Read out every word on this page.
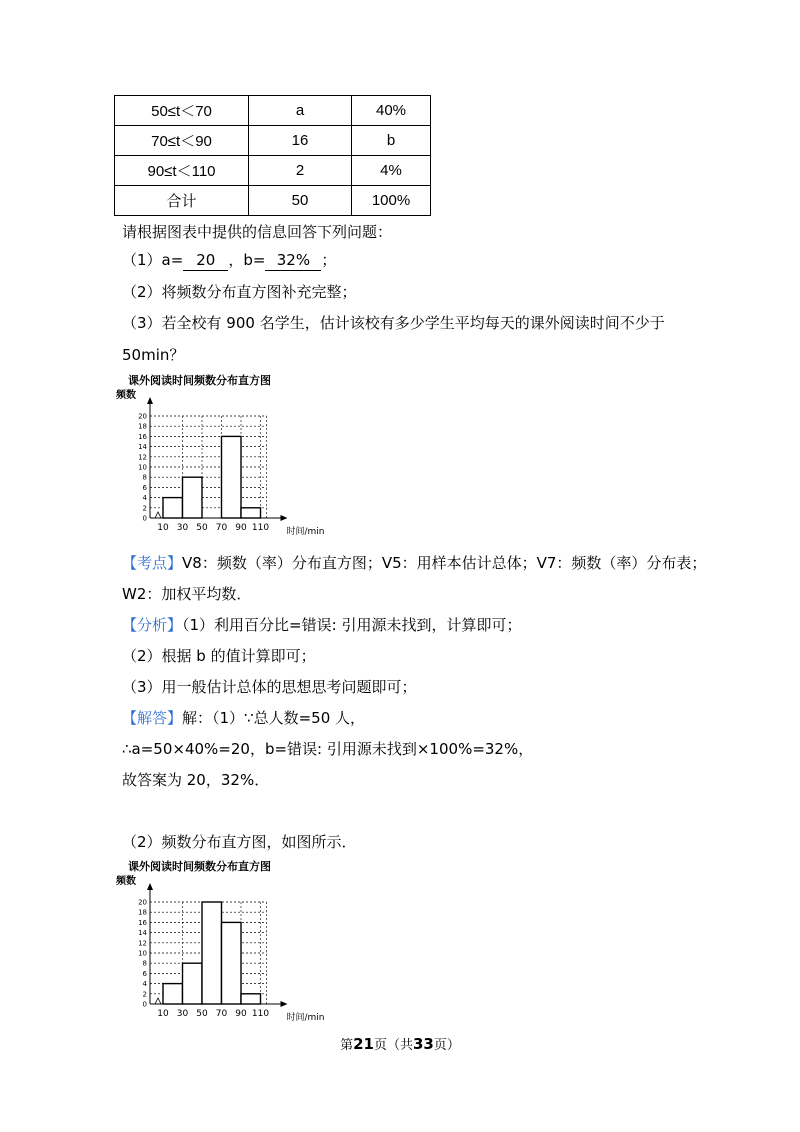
50≤t＜70	a	40%
70≤t＜90	16	b
90≤t＜110	2	4%
合计	50	100%
请根据图表中提供的信息回答下列问题：
（1）a= 20 ，b= 32% ；
（2）将频数分布直方图补充完整；
（3）若全校有 900 名学生，估计该校有多少学生平均每天的课外阅读时间不少于
50min？
课外阅读时间频数分布直方图
0
2
4
6
8
10
12
14
16
18
20
10 30 50 70 90 110
频数
时间/min
【考点】V8：频数（率）分布直方图；V5：用样本估计总体；V7：频数（率）分布表；
W2：加权平均数．
【分析】（1）利用百分比=错误: 引用源未找到，计算即可；
（2）根据 b 的值计算即可；
（3）用一般估计总体的思想思考问题即可；
【解答】解：（1）∵总人数=50 人，
∴a=50×40%=20，b=错误: 引用源未找到×100%=32%，
故答案为 20，32%．
（2）频数分布直方图，如图所示．
课外阅读时间频数分布直方图
0
2
4
6
8
10
12
14
16
18
20
10 30 50 70 90 110
频数
时间/min
第21页（共33页）
